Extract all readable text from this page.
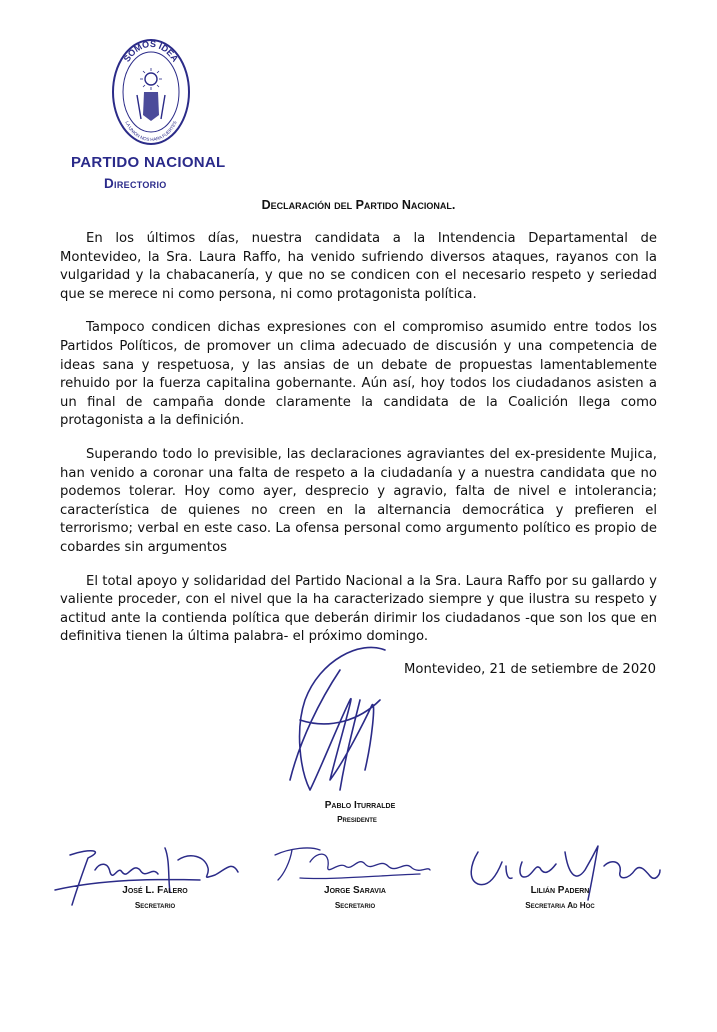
SOMOS IDEA
LA UNION NOS HARA FUERTES
PARTIDO NACIONAL
Directorio
Declaración del Partido Nacional.

En los últimos días, nuestra candidata a la Intendencia Departamental de Montevideo, la Sra. Laura Raffo, ha venido sufriendo diversos ataques, rayanos con la vulgaridad y la chabacanería, y que no se condicen con el necesario respeto y seriedad que se merece ni como persona, ni como protagonista política.

Tampoco condicen dichas expresiones con el compromiso asumido entre todos los Partidos Políticos, de promover un clima adecuado de discusión y una competencia de ideas sana y respetuosa, y las ansias de un debate de propuestas lamentablemente rehuido por la fuerza capitalina gobernante. Aún así, hoy todos los ciudadanos asisten a un final de campaña donde claramente la candidata de la Coalición llega como protagonista a la definición.

Superando todo lo previsible, las declaraciones agraviantes del ex-presidente Mujica, han venido a coronar una falta de respeto a la ciudadanía y a nuestra candidata que no podemos tolerar. Hoy como ayer, desprecio y agravio, falta de nivel e intolerancia; característica de quienes no creen en la alternancia democrática y prefieren el terrorismo; verbal en este caso. La ofensa personal como argumento político es propio de cobardes sin argumentos

El total apoyo y solidaridad del Partido Nacional a la Sra. Laura Raffo por su gallardo y valiente proceder, con el nivel que la ha caracterizado siempre y que ilustra su respeto y actitud ante la contienda política que deberán dirimir los ciudadanos -que son los que en definitiva tienen la última palabra- el próximo domingo.

Montevideo, 21 de setiembre de 2020
Pablo Iturralde
Presidente
José L. Falero
Secretario
Jorge Saravia
Secretario
Lilián Padern
Secretaria Ad Hoc
